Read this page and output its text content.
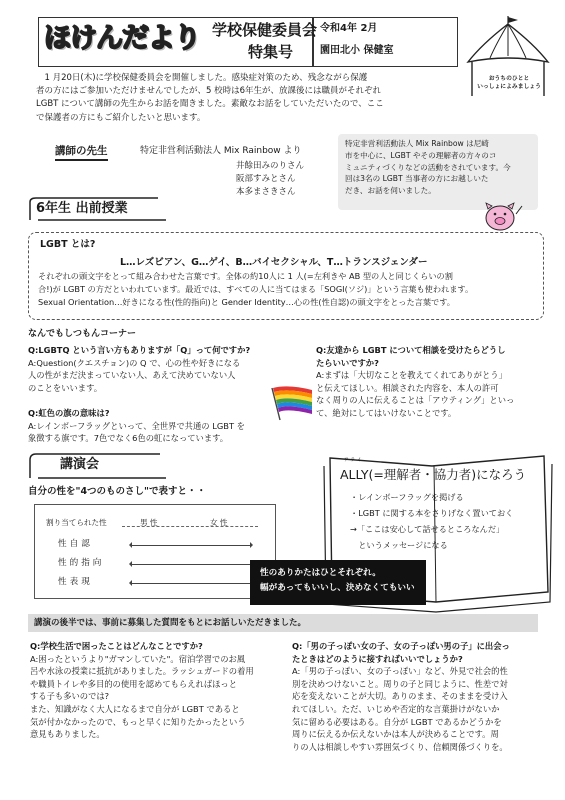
ほけんだより 学校保健委員会
特集号
令和4年 2月
園田北小 保健室
おうちのひとと
いっしょによみましょう
　1 月20日(木)に学校保健委員会を開催しました。感染症対策のため、残念ながら保護
者の方にはご参加いただけませんでしたが、5 校時は6年生が、放課後には職員がそれぞれ
LGBT について講師の先生からお話を聞きました。素敵なお話をしていただいたので、ここ
で保護者の方にもご紹介したいと思います。
講師の先生	特定非営利活動法人 Mix Rainbow より
井餘田みのりさん
阪部すみとさん
本多まさきさん
特定非営利活動法人 Mix Rainbow は尼崎
市を中心に、LGBT やその理解者の方々のコ
ミュニティづくりなどの活動をされています。今
回は3名の LGBT 当事者の方にお越しいた
だき、お話を伺いました。
6年生 出前授業
LGBT とは?
L…レズビアン、G…ゲイ、B…バイセクシャル、T…トランスジェンダー
それぞれの頭文字をとって組み合わせた言葉です。全体の約10人に 1 人(=左利きや AB 型の人と同じくらいの割
合!)が LGBT の方だといわれています。最近では、すべての人に当てはまる「SOGI(ソジ)」という言葉も使われます。
Sexual Orientation…好きになる性(性的指向)と Gender Identity…心の性(性自認)の頭文字をとった言葉です。
なんでもしつもんコーナー
Q:LGBTQ という言い方もありますが「Q」って何ですか?
A:Question(クエスチョン)の Q で、心の性や好きになる
人の性がまだ決まっていない人、あえて決めていない人
のことをいいます。
Q:虹色の旗の意味は?
A:レインボーフラッグといって、全世界で共通の LGBT を
象徴する旗です。7色でなく6色の虹になっています。
Q:友達から LGBT について相談を受けたらどうし
たらいいですか?
A:まずは「大切なことを教えてくれてありがとう」
と伝えてほしい。相談された内容を、本人の許可
なく周りの人に伝えることは「アウティング」といっ
て、絶対にしてはいけないことです。
講演会
自分の性を"4つのものさし"で表すと・・
割り当てられた性	男 性	女 性
性自認
性的指向
性表現
アライ
ALLY(=理解者・協力者)になろう
・レインボーフラッグを掲げる
・LGBT に関する本をさりげなく置いておく
→「ここは安心して話せるところなんだ」
　というメッセージになる
性のありかたはひとそれぞれ。
幅があってもいいし、決めなくてもいい
講演の後半では、事前に募集した質問をもとにお話しいただきました。
Q:学校生活で困ったことはどんなことですか?
A:困ったというより"ガマンしていた"。宿泊学習でのお風
呂や水泳の授業に抵抗がありました。ラッシュガードの着用
や職員トイレや多目的の使用を認めてもらえればほっと
する子も多いのでは?
また、知識がなく大人になるまで自分が LGBT であると
気が付かなかったので、もっと早くに知りたかったという
意見もありました。
Q:「男の子っぽい女の子、女の子っぽい男の子」に出会っ
たときはどのように接すればいいでしょうか?
A:「男の子っぽい、女の子っぽい」など、外見で社会的性
別を決めつけないこと。周りの子と同じように、性差で対
応を変えないことが大切。ありのまま、そのままを受け入
れてほしい。ただ、いじめや否定的な言葉掛けがないか
気に留める必要はある。自分が LGBT であるかどうかを
周りに伝えるか伝えないかは本人が決めることです。周
りの人は相談しやすい雰囲気づくり、信頼関係づくりを。
